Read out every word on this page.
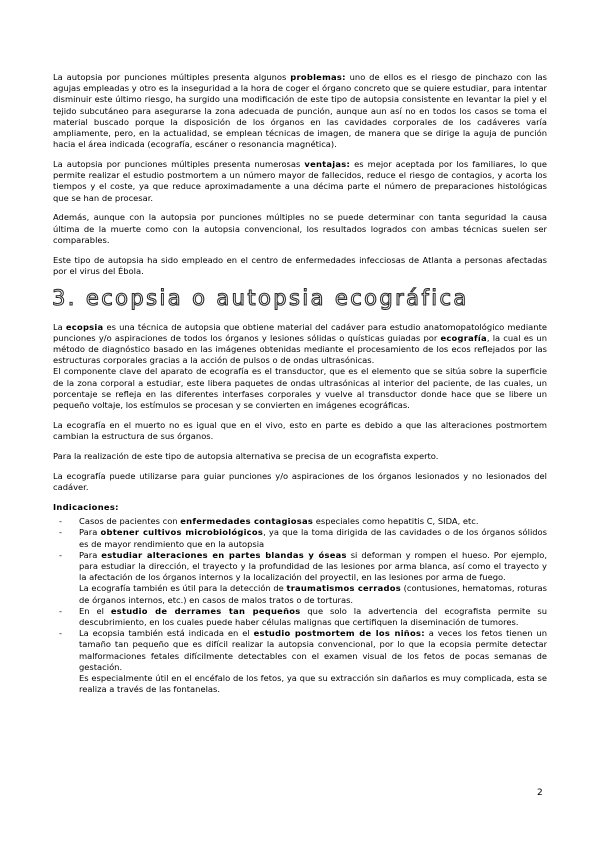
La autopsia por punciones múltiples presenta algunos problemas: uno de ellos es el riesgo de pinchazo con las agujas empleadas y otro es la inseguridad a la hora de coger el órgano concreto que se quiere estudiar, para intentar disminuir este último riesgo, ha surgido una modificación de este tipo de autopsia consistente en levantar la piel y el tejido subcutáneo para asegurarse la zona adecuada de punción, aunque aun así no en todos los casos se toma el material buscado porque la disposición de los órganos en las cavidades corporales de los cadáveres varía ampliamente, pero, en la actualidad, se emplean técnicas de imagen, de manera que se dirige la aguja de punción hacia el área indicada (ecografía, escáner o resonancia magnética).

La autopsia por punciones múltiples presenta numerosas ventajas: es mejor aceptada por los familiares, lo que permite realizar el estudio postmortem a un número mayor de fallecidos, reduce el riesgo de contagios, y acorta los tiempos y el coste, ya que reduce aproximadamente a una décima parte el número de preparaciones histológicas que se han de procesar.

Además, aunque con la autopsia por punciones múltiples no se puede determinar con tanta seguridad la causa última de la muerte como con la autopsia convencional, los resultados logrados con ambas técnicas suelen ser comparables.

Este tipo de autopsia ha sido empleado en el centro de enfermedades infecciosas de Atlanta a personas afectadas por el virus del Ébola.

3. ecopsia o autopsia ecográfica

La ecopsia es una técnica de autopsia que obtiene material del cadáver para estudio anatomopatológico mediante punciones y/o aspiraciones de todos los órganos y lesiones sólidas o quísticas guiadas por ecografía, la cual es un método de diagnóstico basado en las imágenes obtenidas mediante el procesamiento de los ecos reflejados por las estructuras corporales gracias a la acción de pulsos o de ondas ultrasónicas.
El componente clave del aparato de ecografía es el transductor, que es el elemento que se sitúa sobre la superficie de la zona corporal a estudiar, este libera paquetes de ondas ultrasónicas al interior del paciente, de las cuales, un porcentaje se refleja en las diferentes interfases corporales y vuelve al transductor donde hace que se libere un pequeño voltaje, los estímulos se procesan y se convierten en imágenes ecográficas.

La ecografía en el muerto no es igual que en el vivo, esto en parte es debido a que las alteraciones postmortem cambian la estructura de sus órganos.

Para la realización de este tipo de autopsia alternativa se precisa de un ecografista experto.

La ecografía puede utilizarse para guiar punciones y/o aspiraciones de los órganos lesionados y no lesionados del cadáver.

Indicaciones:
- Casos de pacientes con enfermedades contagiosas especiales como hepatitis C, SIDA, etc.
- Para obtener cultivos microbiológicos, ya que la toma dirigida de las cavidades o de los órganos sólidos es de mayor rendimiento que en la autopsia
- Para estudiar alteraciones en partes blandas y óseas si deforman y rompen el hueso. Por ejemplo, para estudiar la dirección, el trayecto y la profundidad de las lesiones por arma blanca, así como el trayecto y la afectación de los órganos internos y la localización del proyectil, en las lesiones por arma de fuego.
La ecografía también es útil para la detección de traumatismos cerrados (contusiones, hematomas, roturas de órganos internos, etc.) en casos de malos tratos o de torturas.
- En el estudio de derrames tan pequeños que solo la advertencia del ecografista permite su descubrimiento, en los cuales puede haber células malignas que certifiquen la diseminación de tumores.
- La ecopsia también está indicada en el estudio postmortem de los niños: a veces los fetos tienen un tamaño tan pequeño que es difícil realizar la autopsia convencional, por lo que la ecopsia permite detectar malformaciones fetales difícilmente detectables con el examen visual de los fetos de pocas semanas de gestación.
Es especialmente útil en el encéfalo de los fetos, ya que su extracción sin dañarlos es muy complicada, esta se realiza a través de las fontanelas.
2
